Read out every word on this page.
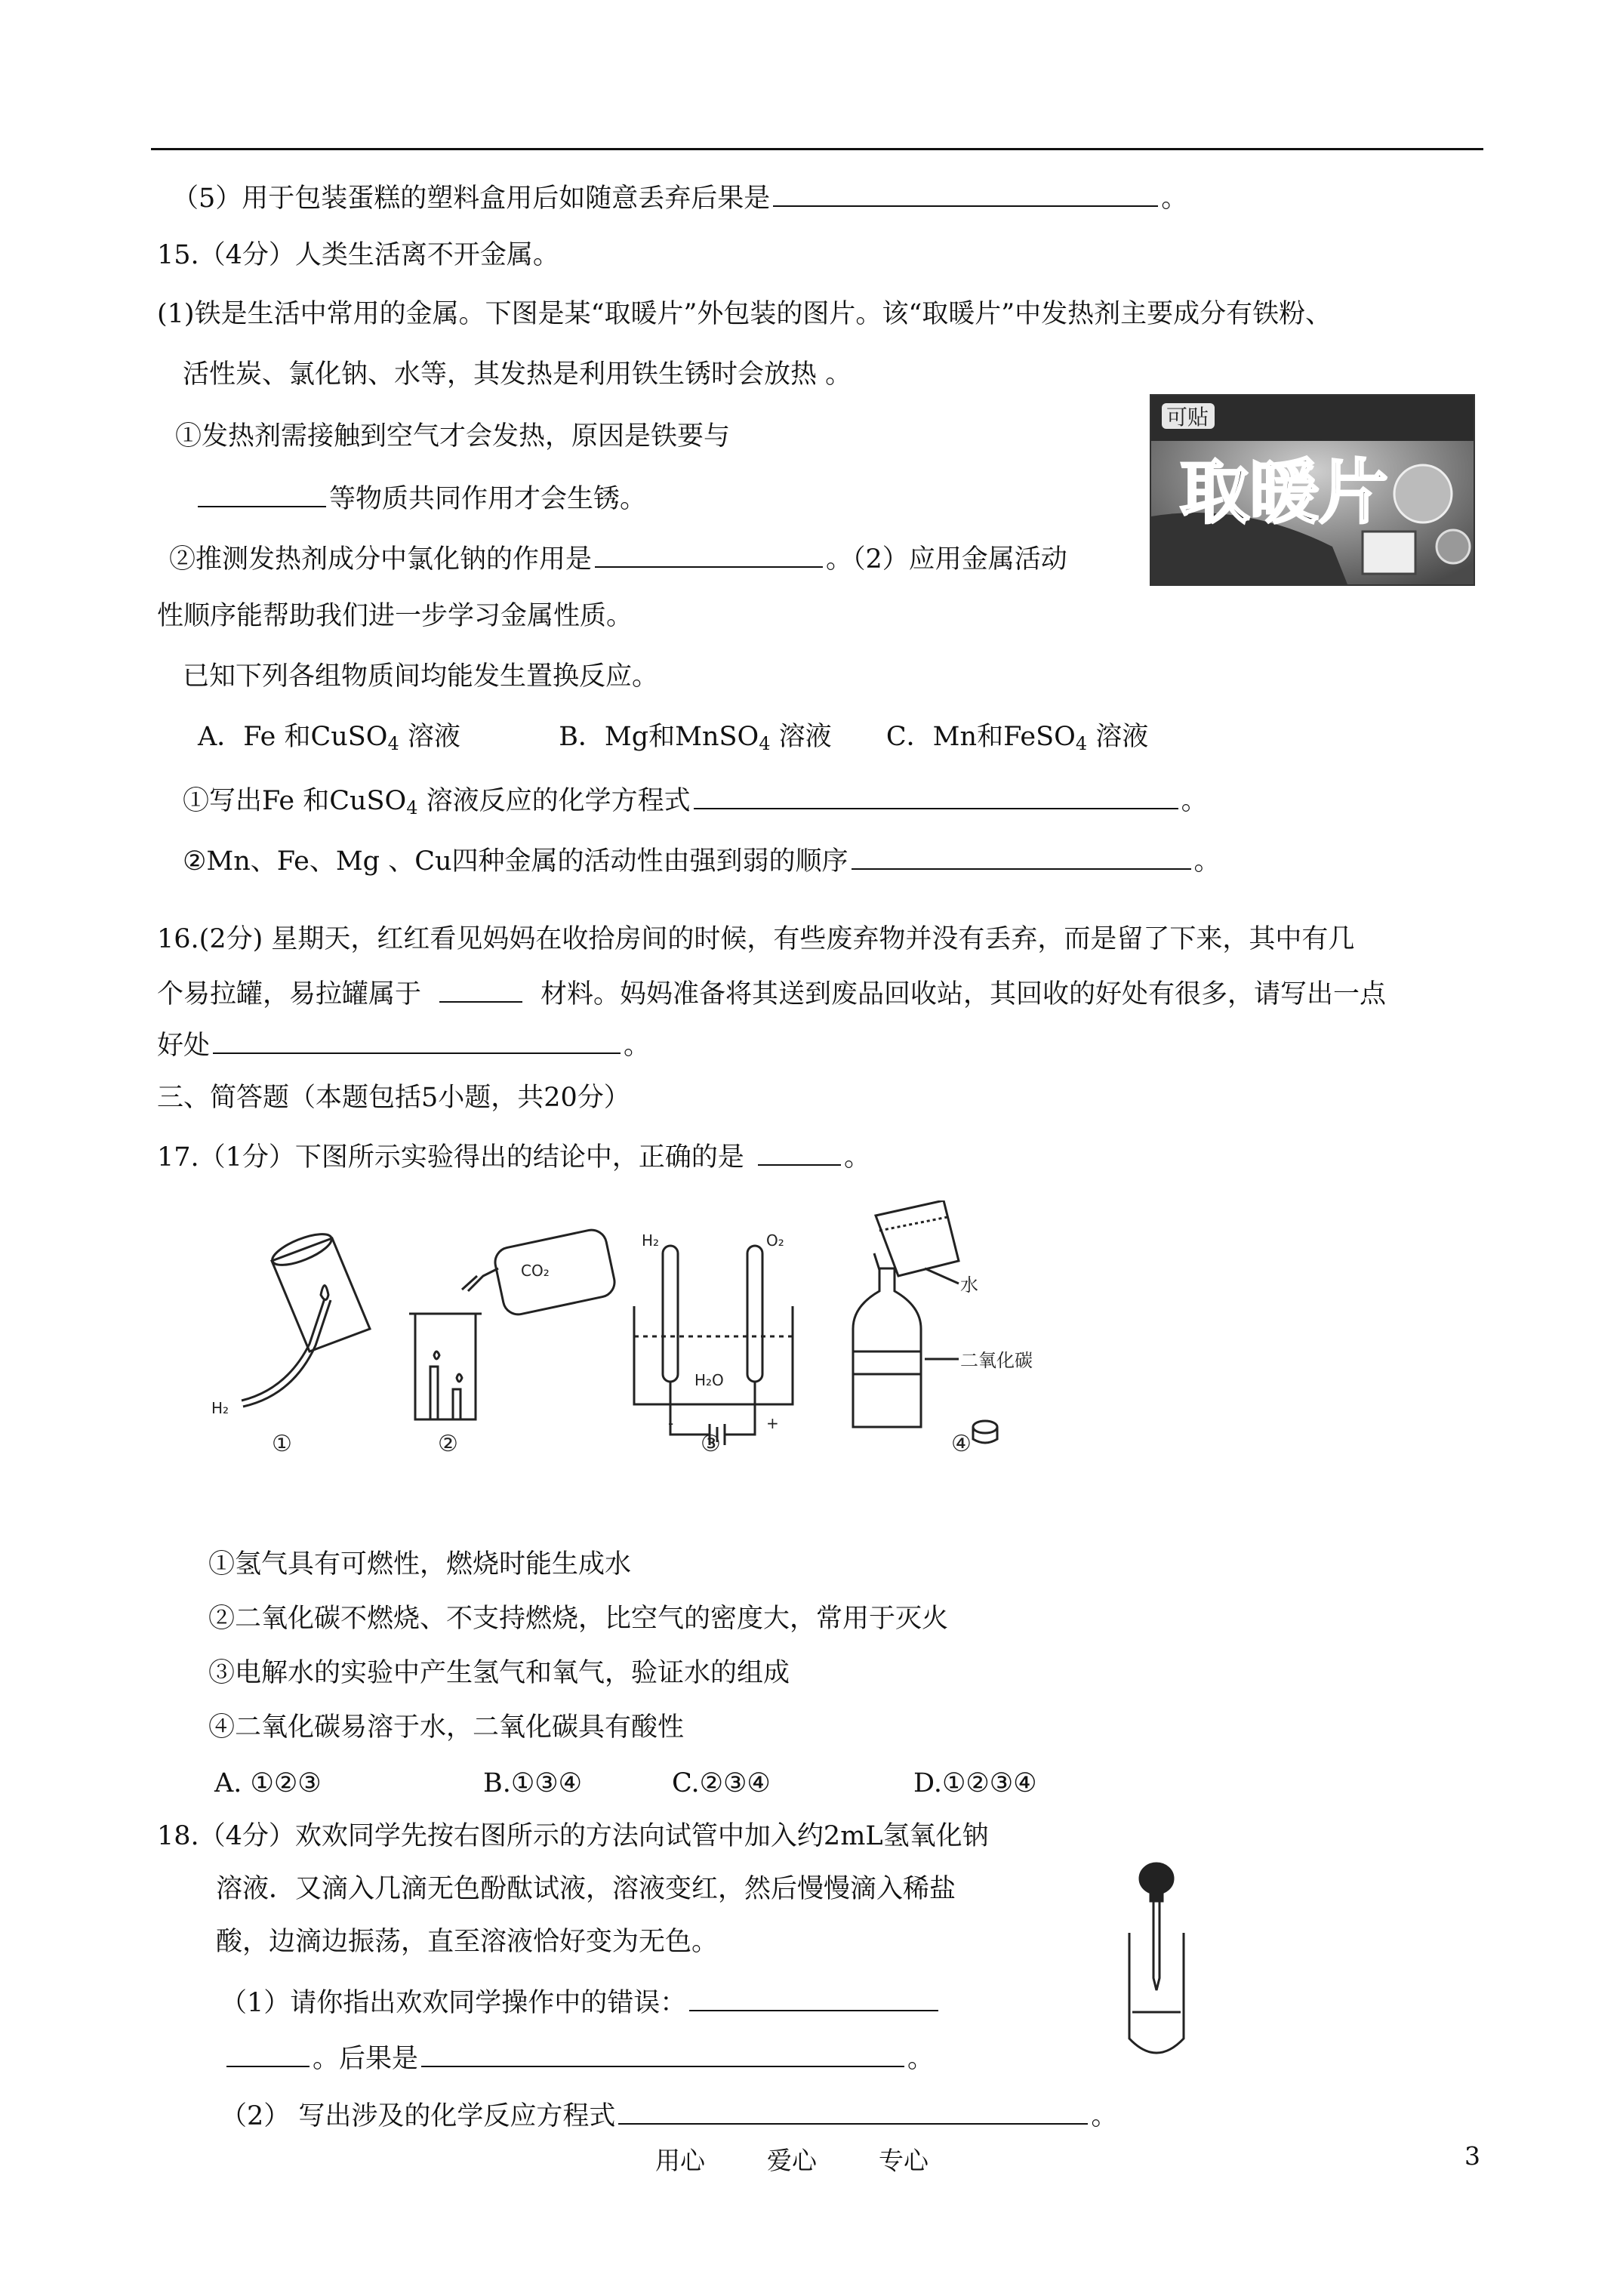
（5）用于包装蛋糕的塑料盒用后如随意丢弃后果是	。
15.（4分）人类生活离不开金属。
(1)铁是生活中常用的金属。下图是某“取暖片”外包装的图片。该“取暖片”中发热剂主要成分有铁粉、
活性炭、氯化钠、水等，其发热是利用铁生锈时会放热 。
①发热剂需接触到空气才会发热，原因是铁要与
等物质共同作用才会生锈。
②推测发热剂成分中氯化钠的作用是	。（2）应用金属活动
性顺序能帮助我们进一步学习金属性质。
已知下列各组物质间均能发生置换反应。
A．Fe 和CuSO$_4$ 溶液	B．Mg和MnSO$_4$ 溶液 C．Mn和FeSO$_4$ 溶液
①写出Fe 和CuSO$_4$ 溶液反应的化学方程式	。
②Mn、Fe、Mg 、Cu四种金属的活动性由强到弱的顺序	。
可贴
取暖片
16.(2分) 星期天，红红看见妈妈在收拾房间的时候，有些废弃物并没有丢弃，而是留了下来，其中有几
个易拉罐，易拉罐属于	材料。妈妈准备将其送到废品回收站，其回收的好处有很多，请写出一点
好处	。
三、简答题（本题包括5小题，共20分）
17.（1分）下图所示实验得出的结论中，正确的是	。
H₂
CO₂
H₂	O₂
H₂O
-	+
水
二氧化碳
①	②	③	④
①氢气具有可燃性，燃烧时能生成水
②二氧化碳不燃烧、不支持燃烧，比空气的密度大，常用于灭火
③电解水的实验中产生氢气和氧气，验证水的组成
④二氧化碳易溶于水，二氧化碳具有酸性
A. ①②③	B.①③④	C.②③④	D.①②③④
18.（4分）欢欢同学先按右图所示的方法向试管中加入约2mL氢氧化钠
溶液．又滴入几滴无色酚酞试液，溶液变红，然后慢慢滴入稀盐
酸，边滴边振荡，直至溶液恰好变为无色。
（1）请你指出欢欢同学操作中的错误：
。后果是	。
（2） 写出涉及的化学反应方程式	。
用心 爱心 专心	3
